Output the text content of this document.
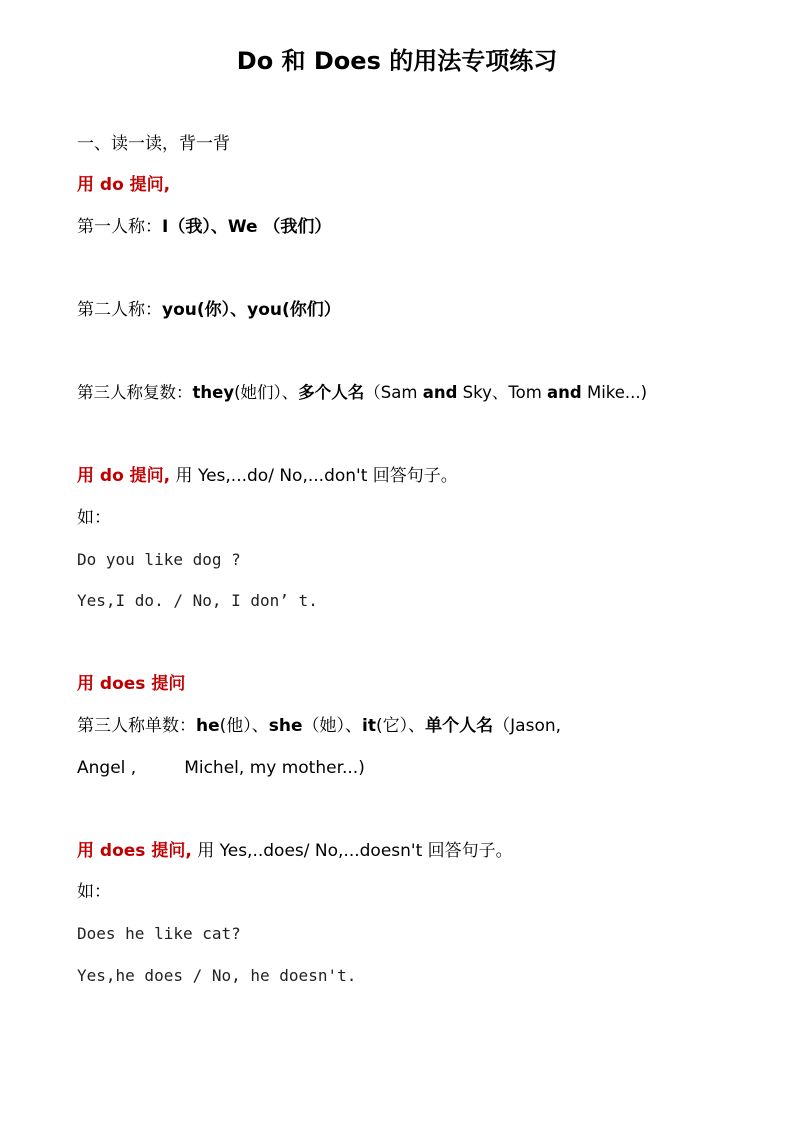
Do 和 Does 的用法专项练习
一、读一读，背一背
用 do 提问,
第一人称：I（我）、We （我们）
第二人称：you(你）、you(你们）
第三人称复数：they(她们）、多个人名（Sam and Sky、Tom and Mike...)
用 do 提问, 用 Yes,...do/ No,...don't 回答句子。
如：
Do you like dog ?
Yes,I do. / No, I don’ t.
用 does 提问
第三人称单数：he(他）、she（她）、it(它）、单个人名（Jason,
Angel ,	Michel, my mother...)
用 does 提问, 用 Yes,..does/ No,...doesn't 回答句子。
如：
Does he like cat?
Yes,he does / No, he doesn't.
